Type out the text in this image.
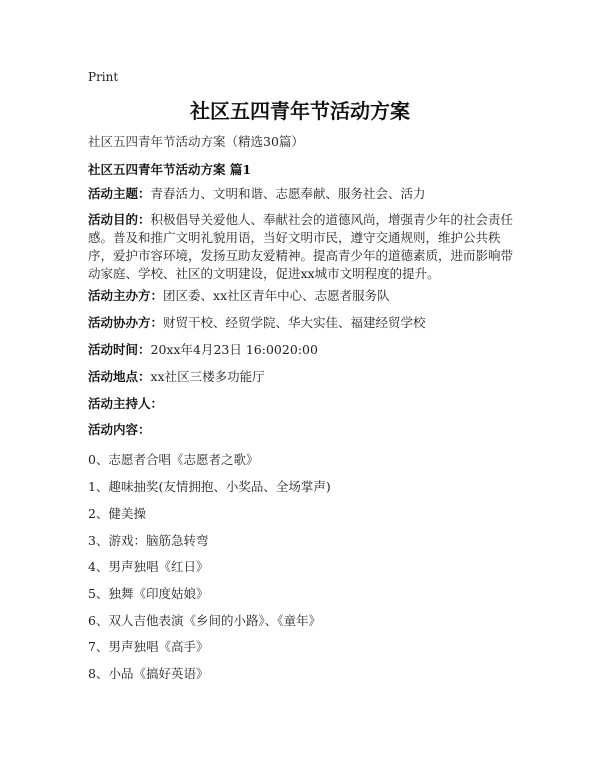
Print
社区五四青年节活动方案
社区五四青年节活动方案（精选30篇）
社区五四青年节活动方案 篇1
活动主题：青春活力、文明和谐、志愿奉献、服务社会、活力
活动目的：积极倡导关爱他人、奉献社会的道德风尚，增强青少年的社会责任感。普及和推广文明礼貌用语，当好文明市民，遵守交通规则，维护公共秩序，爱护市容环境，发扬互助友爱精神。提高青少年的道德素质，进而影响带动家庭、学校、社区的文明建设，促进xx城市文明程度的提升。
活动主办方：团区委、xx社区青年中心、志愿者服务队
活动协办方：财贸干校、经贸学院、华大实佳、福建经贸学校
活动时间：20xx年4月23日 16:0020:00
活动地点：xx社区三楼多功能厅
活动主持人：
活动内容：
0、志愿者合唱《志愿者之歌》
1、趣味抽奖(友情拥抱、小奖品、全场掌声)
2、健美操
3、游戏：脑筋急转弯
4、男声独唱《红日》
5、独舞《印度姑娘》
6、双人吉他表演《乡间的小路》、《童年》
7、男声独唱《高手》
8、小品《搞好英语》
